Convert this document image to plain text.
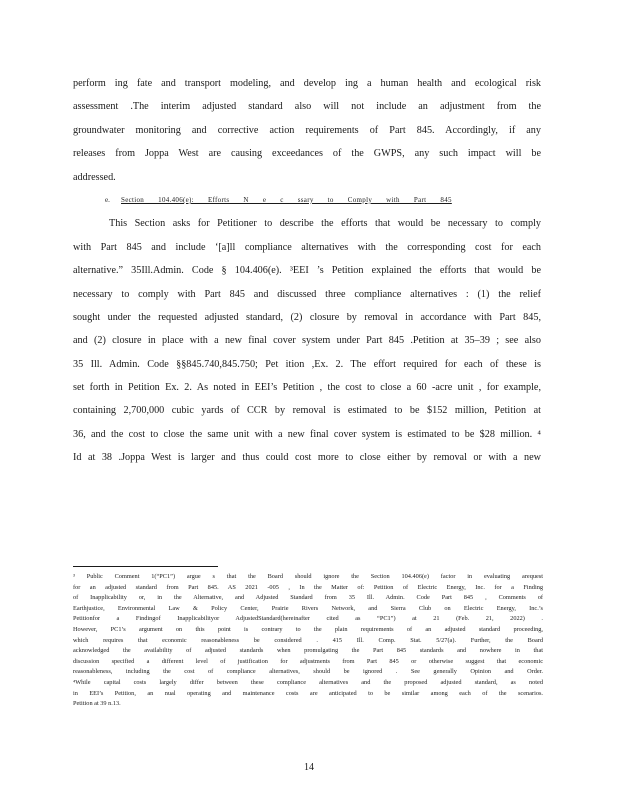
perform ing fate and transport modeling, and develop ing a human health and ecological risk
assessment .The interim adjusted standard also will not include an adjustment from the
groundwater monitoring and corrective action requirements of Part 845. Accordingly, if any
releases from Joppa West are causing exceedances of the GWPS, any such impact will be
addressed.
e. Section 104.406(e): Efforts N e c ssary to Comply with Part 845
This Section asks for Petitioner to describe the efforts that would be necessary to comply
with Part 845 and include ‘[a]ll compliance alternatives with the corresponding cost for each
alternative.” 35Ill.Admin. Code § 104.406(e). ³EEI ’s Petition explained the efforts that would be
necessary to comply with Part 845 and discussed three compliance alternatives : (1) the relief
sought under the requested adjusted standard, (2) closure by removal in accordance with Part 845,
and (2) closure in place with a new final cover system under Part 845 .Petition at 35–39 ; see also
35 Ill. Admin. Code §§845.740,845.750; Pet ition ,Ex. 2. The effort required for each of these is
set forth in Petition Ex. 2. As noted in EEI’s Petition , the cost to close a 60 -acre unit , for example,
containing 2,700,000 cubic yards of CCR by removal is estimated to be $152 million, Petition at
36, and the cost to close the same unit with a new final cover system is estimated to be $28 million. ⁴
Id at 38 .Joppa West is larger and thus could cost more to close either by removal or with a new
³ Public Comment 1(“PC1”) argue s that the Board should ignore the Section 104.406(e) factor in evaluating arequest
for an adjusted standard from Part 845. AS 2021 -005 , In the Matter of: Petition of Electric Energy, Inc. for a Finding
of Inapplicability or, in the Alternative, and Adjusted Standard from 35 Ill. Admin. Code Part 845 , Comments of
Earthjustice, Environmental Law & Policy Center, Prairie Rivers Network, and Sierra Club on Electric Energy, Inc.’s
Petitionfor a Findingof Inapplicabilityor AdjustedStandard(hereinafter cited as “PC1”) at 21 (Feb. 21, 2022) .
However, PC1’s argument on this point is contrary to the plain requirements of an adjusted standard proceeding,
which requires that economic reasonableness be considered . 415 Ill. Comp. Stat. 5/27(a). Further, the Board
acknowledged the availability of adjusted standards when promulgating the Part 845 standards and nowhere in that
discussion specified a different level of justification for adjustments from Part 845 or otherwise suggest that economic
reasonableness, including the cost of compliance alternatives, should be ignored . See generally Opinion and Order.
⁴While capital costs largely differ between these compliance alternatives and the proposed adjusted standard, as noted
in EEI’s Petition, an nual operating and maintenance costs are anticipated to be similar among each of the scenarios.
Petition at 39 n.13.
14
